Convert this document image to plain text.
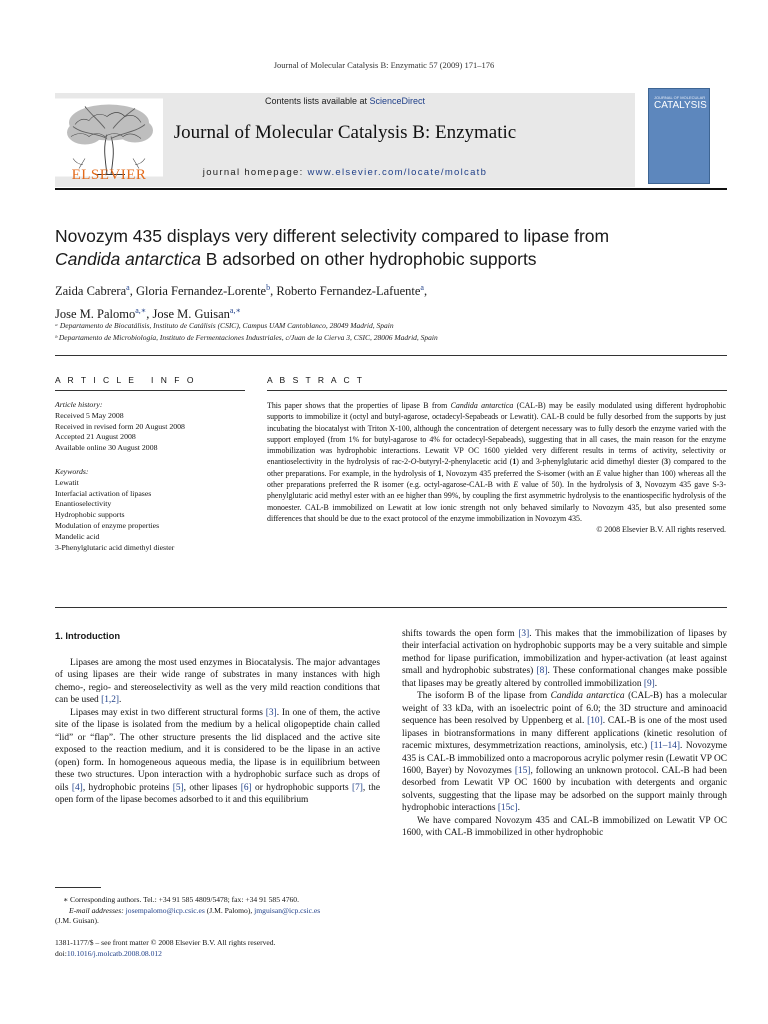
Journal of Molecular Catalysis B: Enzymatic 57 (2009) 171–176
ELSEVIER
Contents lists available at ScienceDirect
Journal of Molecular Catalysis B: Enzymatic
journal homepage: www.elsevier.com/locate/molcatb
JOURNAL OF MOLECULAR
CATALYSIS
Novozym 435 displays very different selectivity compared to lipase from
Candida antarctica B adsorbed on other hydrophobic supports
Zaida Cabrera$^a$, Gloria Fernandez-Lorente$^b$, Roberto Fernandez-Lafuente$^a$,
Jose M. Palomo$^{a,∗}$, Jose M. Guisan$^{a,∗}$
ᵃ Departamento de Biocatálisis, Instituto de Catálisis (CSIC), Campus UAM Cantoblanco, 28049 Madrid, Spain
ᵇ Departamento de Microbiología, Instituto de Fermentaciones Industriales, c/Juan de la Cierva 3, CSIC, 28006 Madrid, Spain
A R T I C L E   I N F O	A B S T R A C T
Article history:
Received 5 May 2008
Received in revised form 20 August 2008
Accepted 21 August 2008
Available online 30 August 2008
Keywords:
Lewatit
Interfacial activation of lipases
Enantioselectivity
Hydrophobic supports
Modulation of enzyme properties
Mandelic acid
3-Phenylglutaric acid dimethyl diester
This paper shows that the properties of lipase B from Candida antarctica (CAL-B) may be easily modulated using different hydrophobic supports to immobilize it (octyl and butyl-agarose, octadecyl-Sepabeads or Lewatit). CAL-B could be fully desorbed from the supports by just incubating the biocatalyst with Triton X-100, although the concentration of detergent necessary was to fully desorb the enzyme varied with the support employed (from 1% for butyl-agarose to 4% for octadecyl-Sepabeads), suggesting that in all cases, the main reason for the enzyme immobilization was hydrophobic interactions. Lewatit VP OC 1600 yielded very different results in terms of activity, selectivity or enantioselectivity in the hydrolysis of rac-2-O-butyryl-2-phenylacetic acid (1) and 3-phenylglutaric acid dimethyl diester (3) compared to the other preparations. For example, in the hydrolysis of 1, Novozym 435 preferred the S-isomer (with an E value higher than 100) whereas all the other preparations preferred the R isomer (e.g. octyl-agarose-CAL-B with E value of 50). In the hydrolysis of 3, Novozym 435 gave S-3-phenylglutaric acid methyl ester with an ee higher than 99%, by coupling the first asymmetric hydrolysis to the enantiospecific hydrolysis of the monoester. CAL-B immobilized on Lewatit at low ionic strength not only behaved similarly to Novozym 435, but also presented some differences that should be due to the exact protocol of the enzyme immobilization in Novozym 435.
© 2008 Elsevier B.V. All rights reserved.
1. Introduction

Lipases are among the most used enzymes in Biocatalysis. The major advantages of using lipases are their wide range of substrates in many instances with high chemo-, regio- and stereoselectivity as well as the very mild reaction conditions that can be used [1,2].

Lipases may exist in two different structural forms [3]. In one of them, the active site of the lipase is isolated from the medium by a helical oligopeptide chain called “lid” or “flap”. The other structure presents the lid displaced and the active site exposed to the reaction medium, and it is considered to be the lipase in an active (open) form. In homogeneous aqueous media, the lipase is in equilibrium between these two structures. Upon interaction with a hydrophobic surface such as drops of oils [4], hydrophobic proteins [5], other lipases [6] or hydrophobic supports [7], the open form of the lipase becomes adsorbed to it and this equilibrium

shifts towards the open form [3]. This makes that the immobilization of lipases by their interfacial activation on hydrophobic supports may be a very suitable and simple method for lipase purification, immobilization and hyper-activation (at least against small and hydrophobic substrates) [8]. These conformational changes make possible that lipases may be greatly altered by controlled immobilization [9].

The isoform B of the lipase from Candida antarctica (CAL-B) has a molecular weight of 33 kDa, with an isoelectric point of 6.0; the 3D structure and aminoacid sequence has been resolved by Uppenberg et al. [10]. CAL-B is one of the most used lipases in biotransformations in many different applications (kinetic resolution of racemic mixtures, desymmetrization reactions, aminolysis, etc.) [11–14]. Novozyme 435 is CAL-B immobilized onto a macroporous acrylic polymer resin (Lewatit VP OC 1600, Bayer) by Novozymes [15], following an unknown protocol. CAL-B had been desorbed from Lewatit VP OC 1600 by incubation with detergents and organic solvents, suggesting that the lipase may be adsorbed on the support mainly through hydrophobic interactions [15c].

We have compared Novozym 435 and CAL-B immobilized on Lewatit VP OC 1600, with CAL-B immobilized in other hydrophobic

∗ Corresponding authors. Tel.: +34 91 585 4809/5478; fax: +34 91 585 4760.
E-mail addresses: josempalomo@icp.csic.es (J.M. Palomo), jmguisan@icp.csic.es
(J.M. Guisan).
1381-1177/$ – see front matter © 2008 Elsevier B.V. All rights reserved.
doi:10.1016/j.molcatb.2008.08.012
